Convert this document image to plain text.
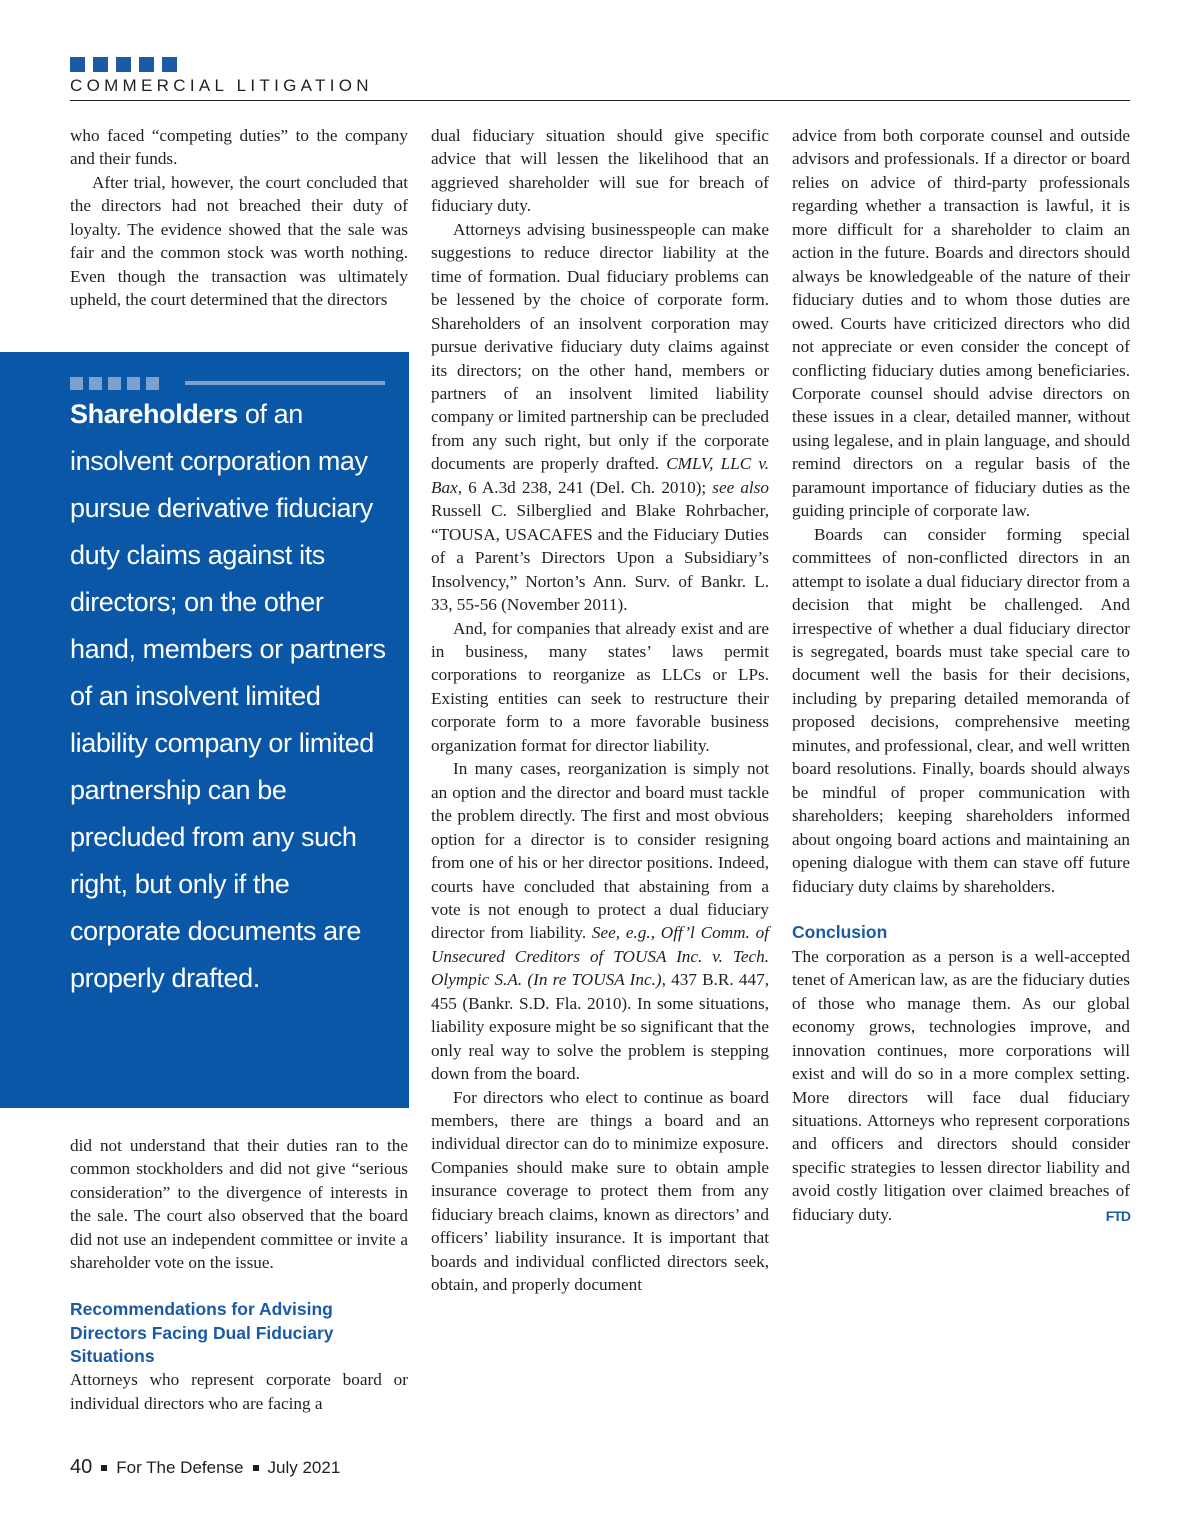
COMMERCIAL LITIGATION

who faced “competing duties” to the company and their funds.

After trial, however, the court concluded that the directors had not breached their duty of loyalty. The evidence showed that the sale was fair and the common stock was worth nothing. Even though the transaction was ultimately upheld, the court determined that the directors

Shareholders of an insolvent corporation may pursue derivative fiduciary duty claims against its directors; on the other hand, members or partners of an insolvent limited liability company or limited partnership can be precluded from any such right, but only if the corporate documents are properly drafted.

did not understand that their duties ran to the common stockholders and did not give “serious consideration” to the divergence of interests in the sale. The court also observed that the board did not use an independent committee or invite a shareholder vote on the issue.

Recommendations for Advising Directors Facing Dual Fiduciary Situations

Attorneys who represent corporate board or individual directors who are facing a

dual fiduciary situation should give specific advice that will lessen the likelihood that an aggrieved shareholder will sue for breach of fiduciary duty.

Attorneys advising businesspeople can make suggestions to reduce director liability at the time of formation. Dual fiduciary problems can be lessened by the choice of corporate form. Shareholders of an insolvent corporation may pursue derivative fiduciary duty claims against its directors; on the other hand, members or partners of an insolvent limited liability company or limited partnership can be precluded from any such right, but only if the corporate documents are properly drafted. CMLV, LLC v. Bax, 6 A.3d 238, 241 (Del. Ch. 2010); see also Russell C. Silberglied and Blake Rohrbacher, “TOUSA, USACAFES and the Fiduciary Duties of a Parent’s Directors Upon a Subsidiary’s Insolvency,” Norton’s Ann. Surv. of Bankr. L. 33, 55-56 (November 2011).

And, for companies that already exist and are in business, many states’ laws permit corporations to reorganize as LLCs or LPs. Existing entities can seek to restructure their corporate form to a more favorable business organization format for director liability.

In many cases, reorganization is simply not an option and the director and board must tackle the problem directly. The first and most obvious option for a director is to consider resigning from one of his or her director positions. Indeed, courts have concluded that abstaining from a vote is not enough to protect a dual fiduciary director from liability. See, e.g., Off’l Comm. of Unsecured Creditors of TOUSA Inc. v. Tech. Olympic S.A. (In re TOUSA Inc.), 437 B.R. 447, 455 (Bankr. S.D. Fla. 2010). In some situations, liability exposure might be so significant that the only real way to solve the problem is stepping down from the board.

For directors who elect to continue as board members, there are things a board and an individual director can do to minimize exposure. Companies should make sure to obtain ample insurance coverage to protect them from any fiduciary breach claims, known as directors’ and officers’ liability insurance. It is important that boards and individual conflicted directors seek, obtain, and properly document

advice from both corporate counsel and outside advisors and professionals. If a director or board relies on advice of third-party professionals regarding whether a transaction is lawful, it is more difficult for a shareholder to claim an action in the future. Boards and directors should always be knowledgeable of the nature of their fiduciary duties and to whom those duties are owed. Courts have criticized directors who did not appreciate or even consider the concept of conflicting fiduciary duties among beneficiaries. Corporate counsel should advise directors on these issues in a clear, detailed manner, without using legalese, and in plain language, and should remind directors on a regular basis of the paramount importance of fiduciary duties as the guiding principle of corporate law.

Boards can consider forming special committees of non-conflicted directors in an attempt to isolate a dual fiduciary director from a decision that might be challenged. And irrespective of whether a dual fiduciary director is segregated, boards must take special care to document well the basis for their decisions, including by preparing detailed memoranda of proposed decisions, comprehensive meeting minutes, and professional, clear, and well written board resolutions. Finally, boards should always be mindful of proper communication with shareholders; keeping shareholders informed about ongoing board actions and maintaining an opening dialogue with them can stave off future fiduciary duty claims by shareholders.

Conclusion

The corporation as a person is a well-accepted tenet of American law, as are the fiduciary duties of those who manage them. As our global economy grows, technologies improve, and innovation continues, more corporations will exist and will do so in a more complex setting. More directors will face dual fiduciary situations. Attorneys who represent corporations and officers and directors should consider specific strategies to lessen director liability and avoid costly litigation over claimed breaches of fiduciary duty.	FTD

40 For The Defense July 2021
